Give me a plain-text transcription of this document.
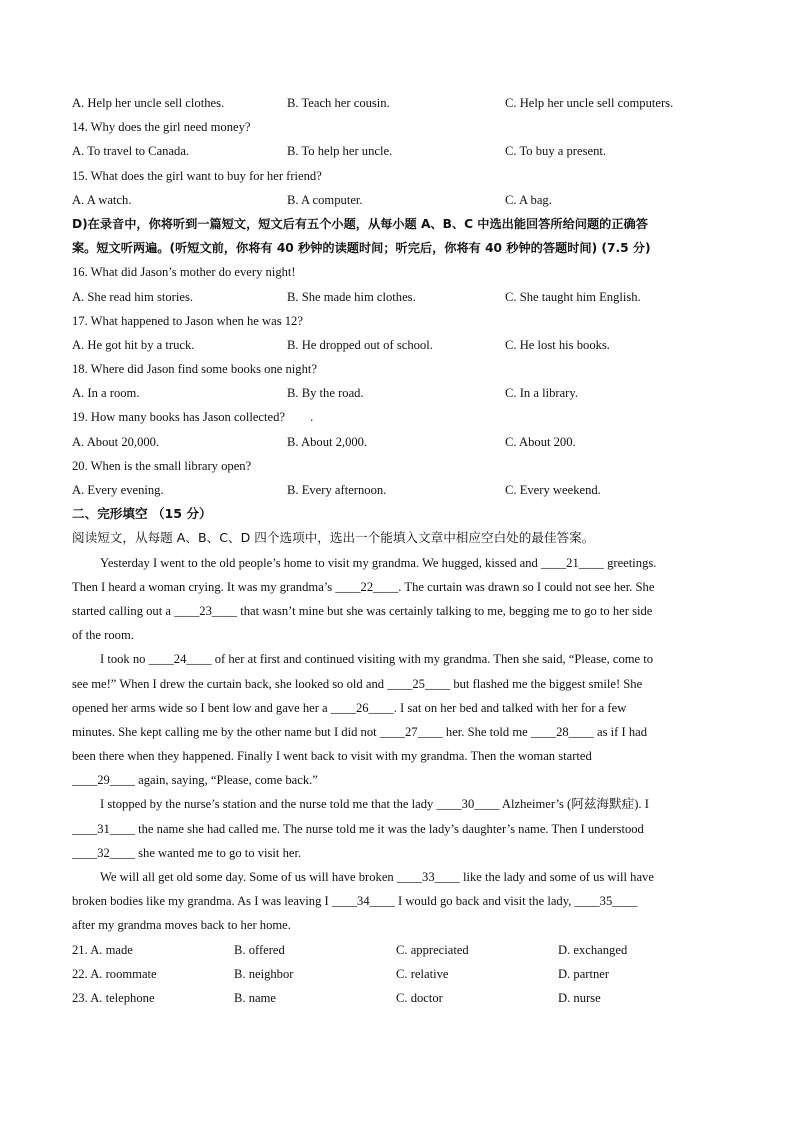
A. Help her uncle sell clothes.	B. Teach her cousin.	C. Help her uncle sell computers.
14. Why does the girl need money?
A. To travel to Canada.	B. To help her uncle.	C. To buy a present.
15. What does the girl want to buy for her friend?
A. A watch.	B. A computer.	C. A bag.
D)在录音中，你将听到一篇短文，短文后有五个小题，从每小题 A、B、C 中选出能回答所给问题的正确答
案。短文听两遍。(听短文前，你将有 40 秒钟的读题时间；听完后，你将有 40 秒钟的答题时间) (7.5 分)
16. What did Jason’s mother do every night!
A. She read him stories.	B. She made him clothes.	C. She taught him English.
17. What happened to Jason when he was 12?
A. He got hit by a truck.	B. He dropped out of school.	C. He lost his books.
18. Where did Jason find some books one night?
A. In a room.	B. By the road.	C. In a library.
19. How many books has Jason collected?        .
A. About 20,000.	B. About 2,000.	C. About 200.
20. When is the small library open?
A. Every evening.	B. Every afternoon.	C. Every weekend.
二、完形填空 （15 分）
阅读短文，从每题 A、B、C、D 四个选项中，选出一个能填入文章中相应空白处的最佳答案。
Yesterday I went to the old people’s home to visit my grandma. We hugged, kissed and ____21____ greetings.
Then I heard a woman crying. It was my grandma’s ____22____. The curtain was drawn so I could not see her. She
started calling out a ____23____ that wasn’t mine but she was certainly talking to me, begging me to go to her side
of the room.
I took no ____24____ of her at first and continued visiting with my grandma. Then she said, “Please, come to
see me!” When I drew the curtain back, she looked so old and ____25____ but flashed me the biggest smile! She
opened her arms wide so I bent low and gave her a ____26____. I sat on her bed and talked with her for a few
minutes. She kept calling me by the other name but I did not ____27____ her. She told me ____28____ as if I had
been there when they happened. Finally I went back to visit with my grandma. Then the woman started
____29____ again, saying, “Please, come back.”
I stopped by the nurse’s station and the nurse told me that the lady ____30____ Alzheimer’s (阿兹海默症). I
____31____ the name she had called me. The nurse told me it was the lady’s daughter’s name. Then I understood
____32____ she wanted me to go to visit her.
We will all get old some day. Some of us will have broken ____33____ like the lady and some of us will have
broken bodies like my grandma. As I was leaving I ____34____ I would go back and visit the lady, ____35____
after my grandma moves back to her home.
21. A. made	B. offered	C. appreciated	D. exchanged
22. A. roommate	B. neighbor	C. relative	D. partner
23. A. telephone	B. name	C. doctor	D. nurse
